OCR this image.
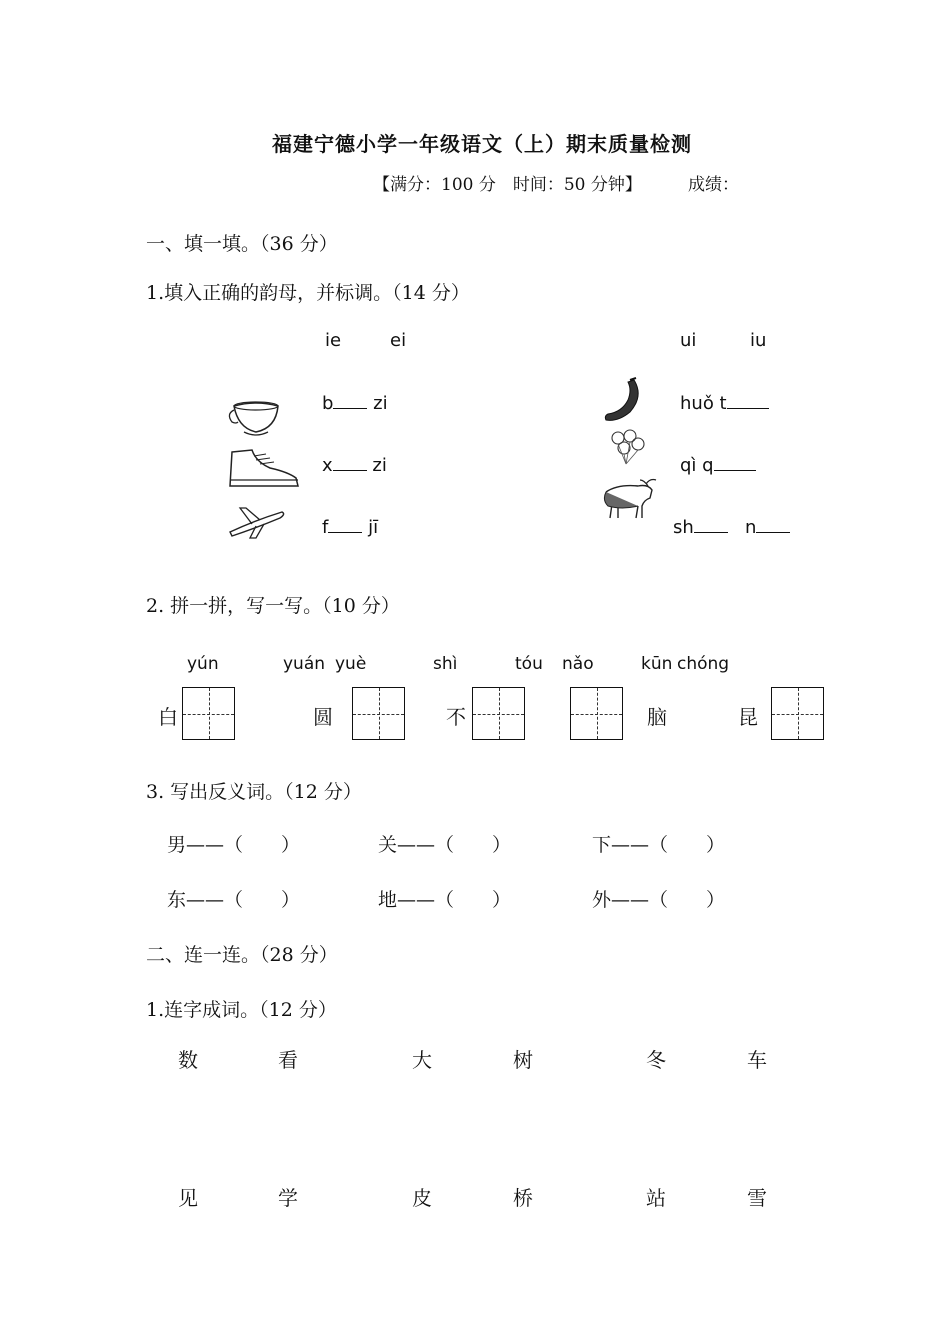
福建宁德小学一年级语文（上）期末质量检测
【满分：100 分　时间：50 分钟】	成绩：
一、填一填。（36 分）
1.填入正确的韵母，并标调。（14 分）
ie	ei	ui	iu
b zi
x zi
f jī
huǒ t
qì q
sh	n
2. 拼一拼，写一写。（10 分）
yún	yuán yuè	shì	tóu nǎo	kūn chóng
白	圆	不	脑	昆
3. 写出反义词。（12 分）
男——（　　）	关——（　　）	下——（　　）
东——（　　）	地——（　　）	外——（　　）
二、连一连。（28 分）
1.连字成词。（12 分）
数	看	大	树	冬	车
见	学	皮	桥	站	雪
